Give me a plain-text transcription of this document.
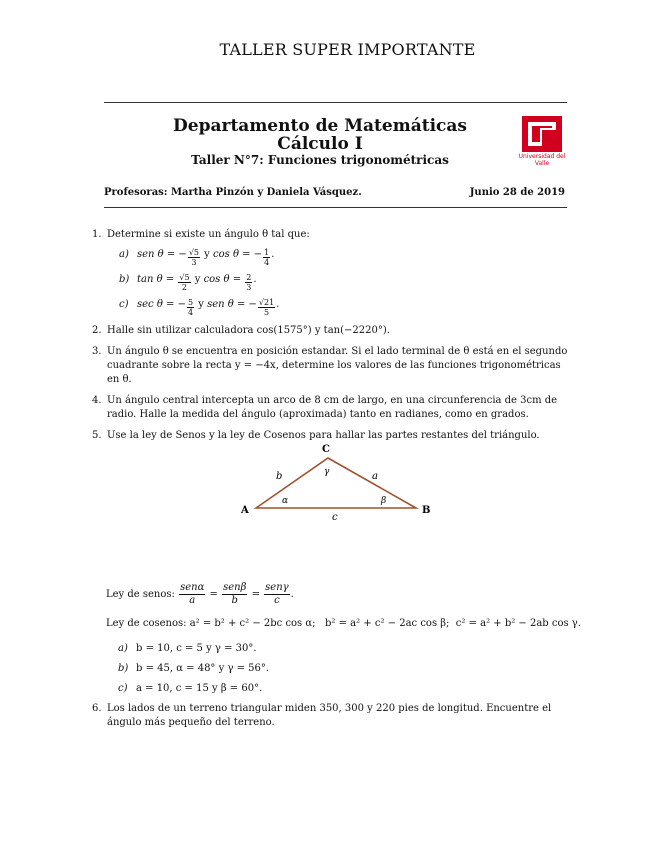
TALLER SUPER IMPORTANTE
Departamento de Matemáticas
Cálculo I
Taller N°7: Funciones trigonométricas	Universidad del Valle
Profesoras: Martha Pinzón y Daniela Vásquez.	Junio 28 de 2019
1. Determine si existe un ángulo θ tal que:
a) sen θ = − $\frac{√5}{3}$ y cos θ = − $\frac{1}{4}$ .
b) $\tan \theta = \frac{√5}{2}$ y $\cos \theta = \frac{2}{3}$ .
c) sec θ = − $\frac{5}{4}$ y sen θ = − $\frac{√21}{5}$ .
2. Halle sin utilizar calculadora cos(1575°) y tan(−2220°).
3. Un ángulo θ se encuentra en posición estandar. Si el lado terminal de θ está en el segundo cuadrante sobre la recta y = −4x, determine los valores de las funciones trigonométricas en θ.
4. Un ángulo central intercepta un arco de 8 cm de largo, en una circunferencia de 3cm de radio. Halle la medida del ángulo (aproximada) tanto en radianes, como en grados.
5. Use la ley de Senos y la ley de Cosenos para hallar las partes restantes del triángulo.
A	B
C
b	a
c
α	β
γ
Ley de senos: $\frac{\text{senα}}{a} = \frac{\text{senβ}}{b} = \frac{\text{senγ}}{c}$ .
Ley de cosenos: a² = b² + c² − 2bc cos α;   b² = a² + c² − 2ac cos β;  c² = a² + b² − 2ab cos γ.
a) b = 10, c = 5 y γ = 30°.
b) b = 45, α = 48° y γ = 56°.
c) a = 10, c = 15 y β = 60°.
6. Los lados de un terreno triangular miden 350, 300 y 220 pies de longitud. Encuentre el ángulo más pequeño del terreno.
